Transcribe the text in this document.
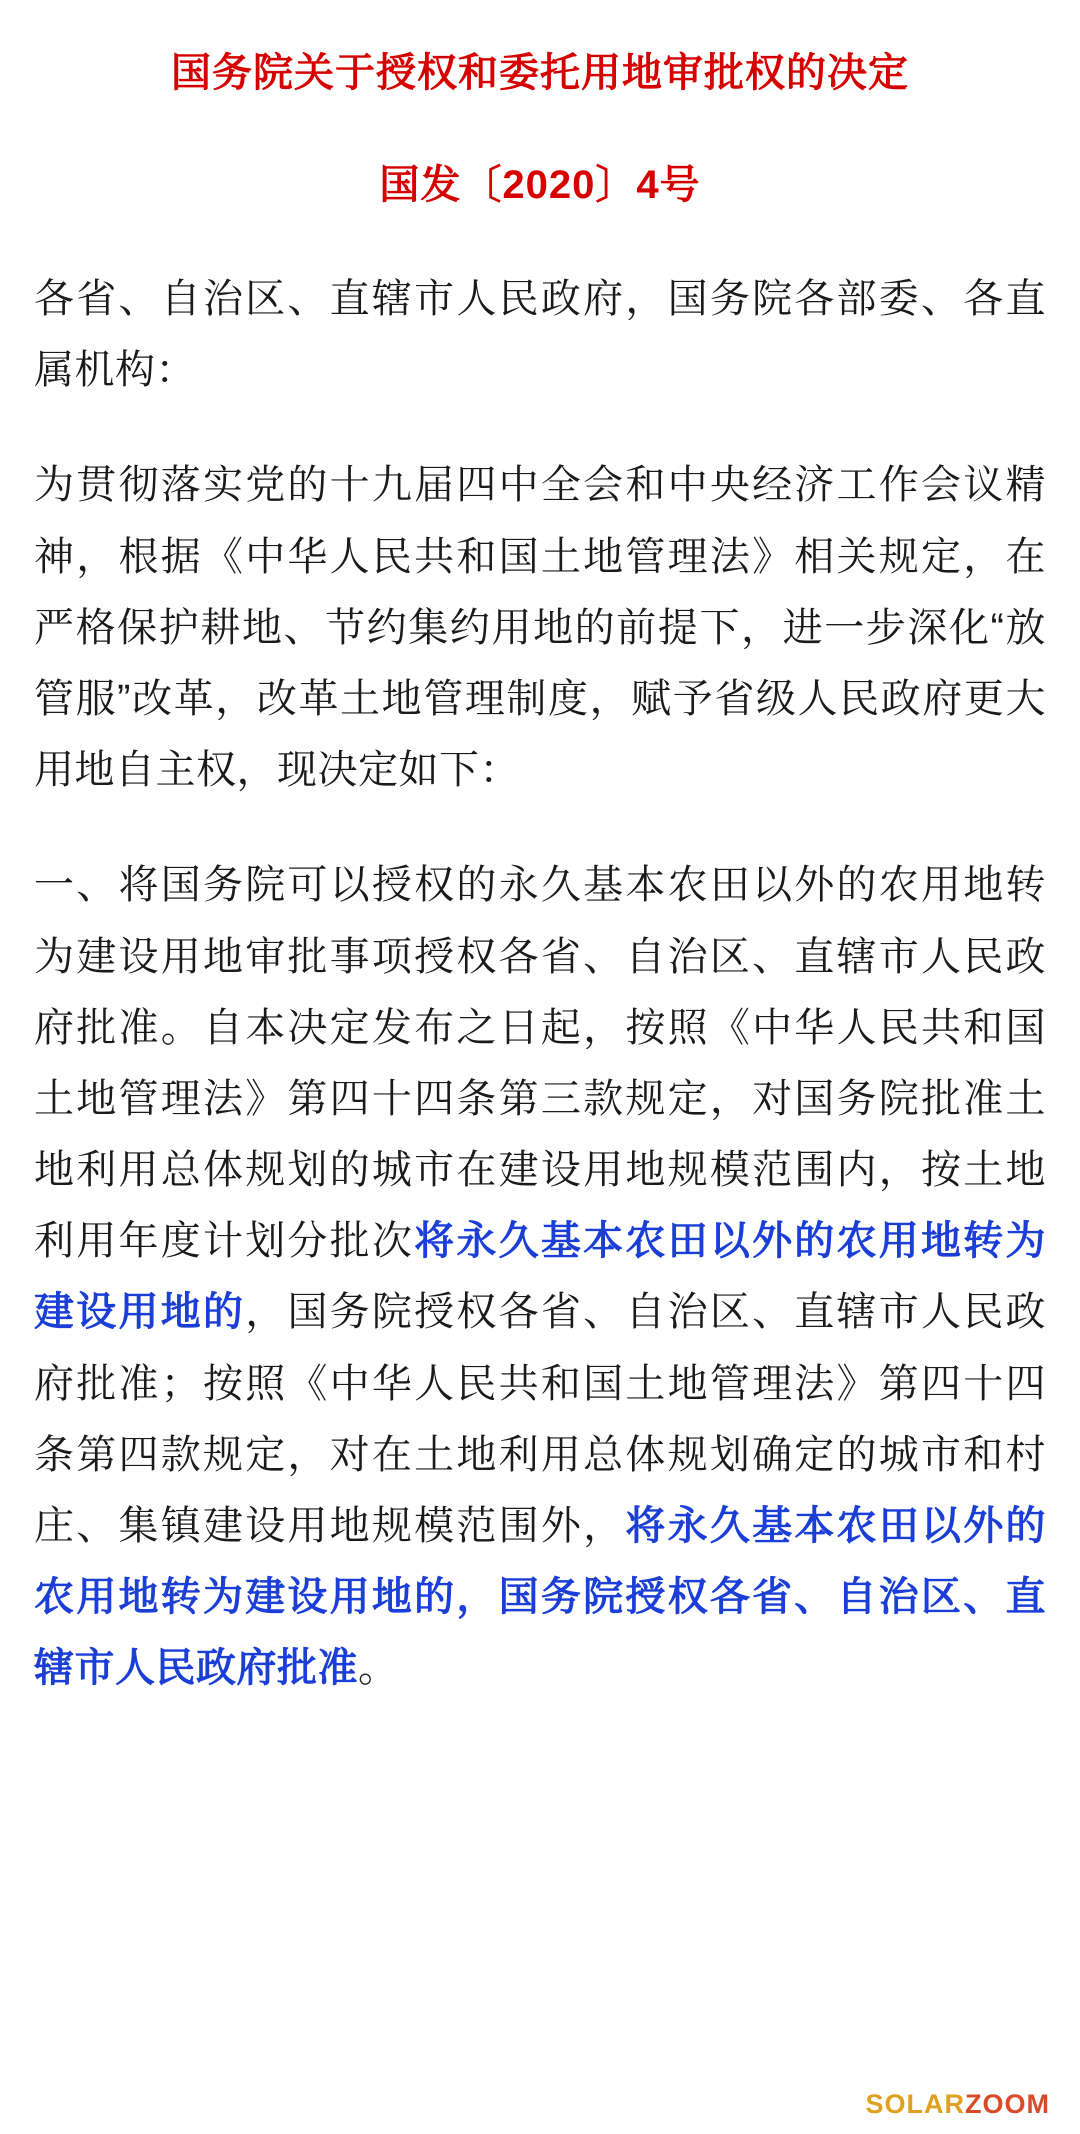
国务院关于授权和委托用地审批权的决定
国发〔2020〕4号
各省、自治区、直辖市人民政府，国务院各部委、各直属机构：
为贯彻落实党的十九届四中全会和中央经济工作会议精神，根据《中华人民共和国土地管理法》相关规定，在严格保护耕地、节约集约用地的前提下，进一步深化“放管服”改革，改革土地管理制度，赋予省级人民政府更大用地自主权，现决定如下：
一、将国务院可以授权的永久基本农田以外的农用地转为建设用地审批事项授权各省、自治区、直辖市人民政府批准。自本决定发布之日起，按照《中华人民共和国土地管理法》第四十四条第三款规定，对国务院批准土地利用总体规划的城市在建设用地规模范围内，按土地利用年度计划分批次将永久基本农田以外的农用地转为建设用地的，国务院授权各省、自治区、直辖市人民政府批准；按照《中华人民共和国土地管理法》第四十四条第四款规定，对在土地利用总体规划确定的城市和村庄、集镇建设用地规模范围外，将永久基本农田以外的农用地转为建设用地的，国务院授权各省、自治区、直辖市人民政府批准。
SOLARZOOM
